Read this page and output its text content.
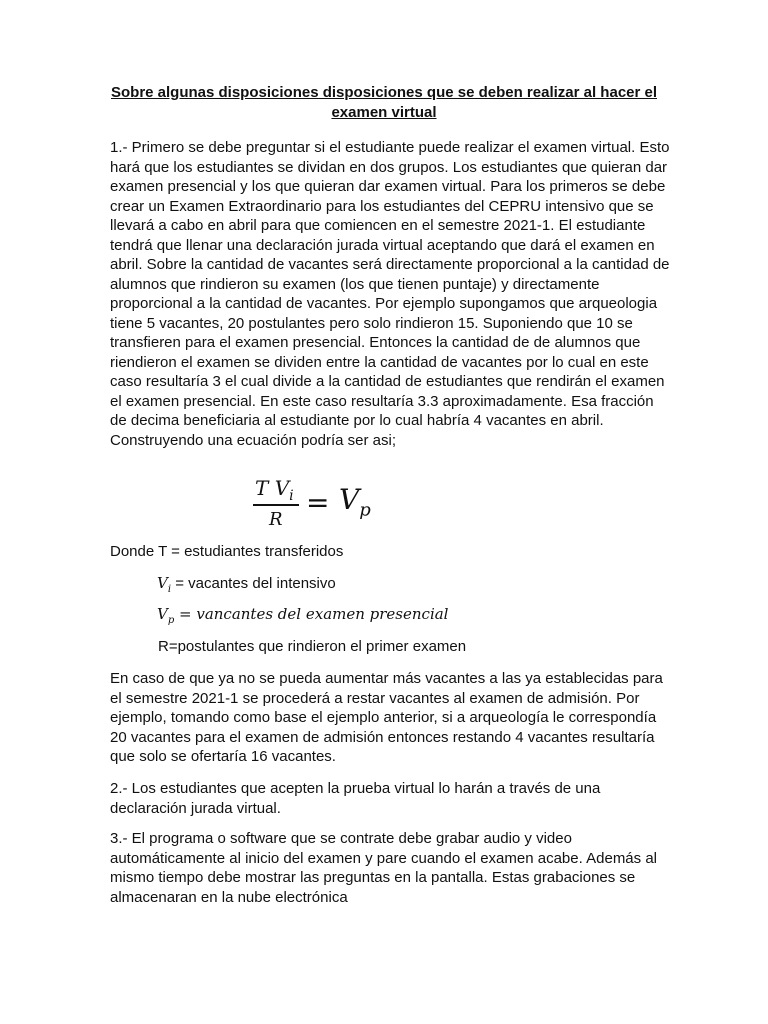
Sobre algunas disposiciones disposiciones que se deben realizar al hacer el examen virtual

1.- Primero se debe preguntar si el estudiante puede realizar el examen virtual. Esto hará que los estudiantes se dividan en dos grupos. Los estudiantes que quieran dar examen presencial y los que quieran dar examen virtual. Para los primeros se debe crear un Examen Extraordinario para los estudiantes del CEPRU intensivo que se llevará a cabo en abril para que comiencen en el semestre 2021-1. El estudiante tendrá que llenar una declaración jurada virtual aceptando que dará el examen en abril. Sobre la cantidad de vacantes será directamente proporcional a la cantidad de alumnos que rindieron su examen (los que tienen puntaje) y directamente proporcional a la cantidad de vacantes. Por ejemplo supongamos que arqueologia tiene 5 vacantes, 20 postulantes pero solo rindieron 15. Suponiendo que 10 se transfieren para el examen presencial. Entonces la cantidad de de alumnos que riendieron el examen se dividen entre la cantidad de vacantes por lo cual en este caso resultaría 3 el cual divide a la cantidad de estudiantes que rendirán el examen el examen presencial. En este caso resultaría 3.3 aproximadamente. Esa fracción de decima beneficiaria al estudiante por lo cual habría 4 vacantes en abril. Construyendo una ecuación podría ser asi;

T $V_i$
R
= $V_p$

Donde T = estudiantes transferidos

$V_i$ = vacantes del intensivo

$V_p$ = vancantes del examen presencial

R=postulantes que rindieron el primer examen

En caso de que ya no se pueda aumentar más vacantes a las ya establecidas para el semestre 2021-1 se procederá a restar vacantes al examen de admisión. Por ejemplo, tomando como base el ejemplo anterior, si a arqueología le correspondía 20 vacantes para el examen de admisión entonces restando 4 vacantes resultaría que solo se ofertaría 16 vacantes.

2.- Los estudiantes que acepten la prueba virtual lo harán a través de una declaración jurada virtual.

3.- El programa o software que se contrate debe grabar audio y video automáticamente al inicio del examen y pare cuando el examen acabe. Además al mismo tiempo debe mostrar las preguntas en la pantalla. Estas grabaciones se almacenaran en la nube electrónica
